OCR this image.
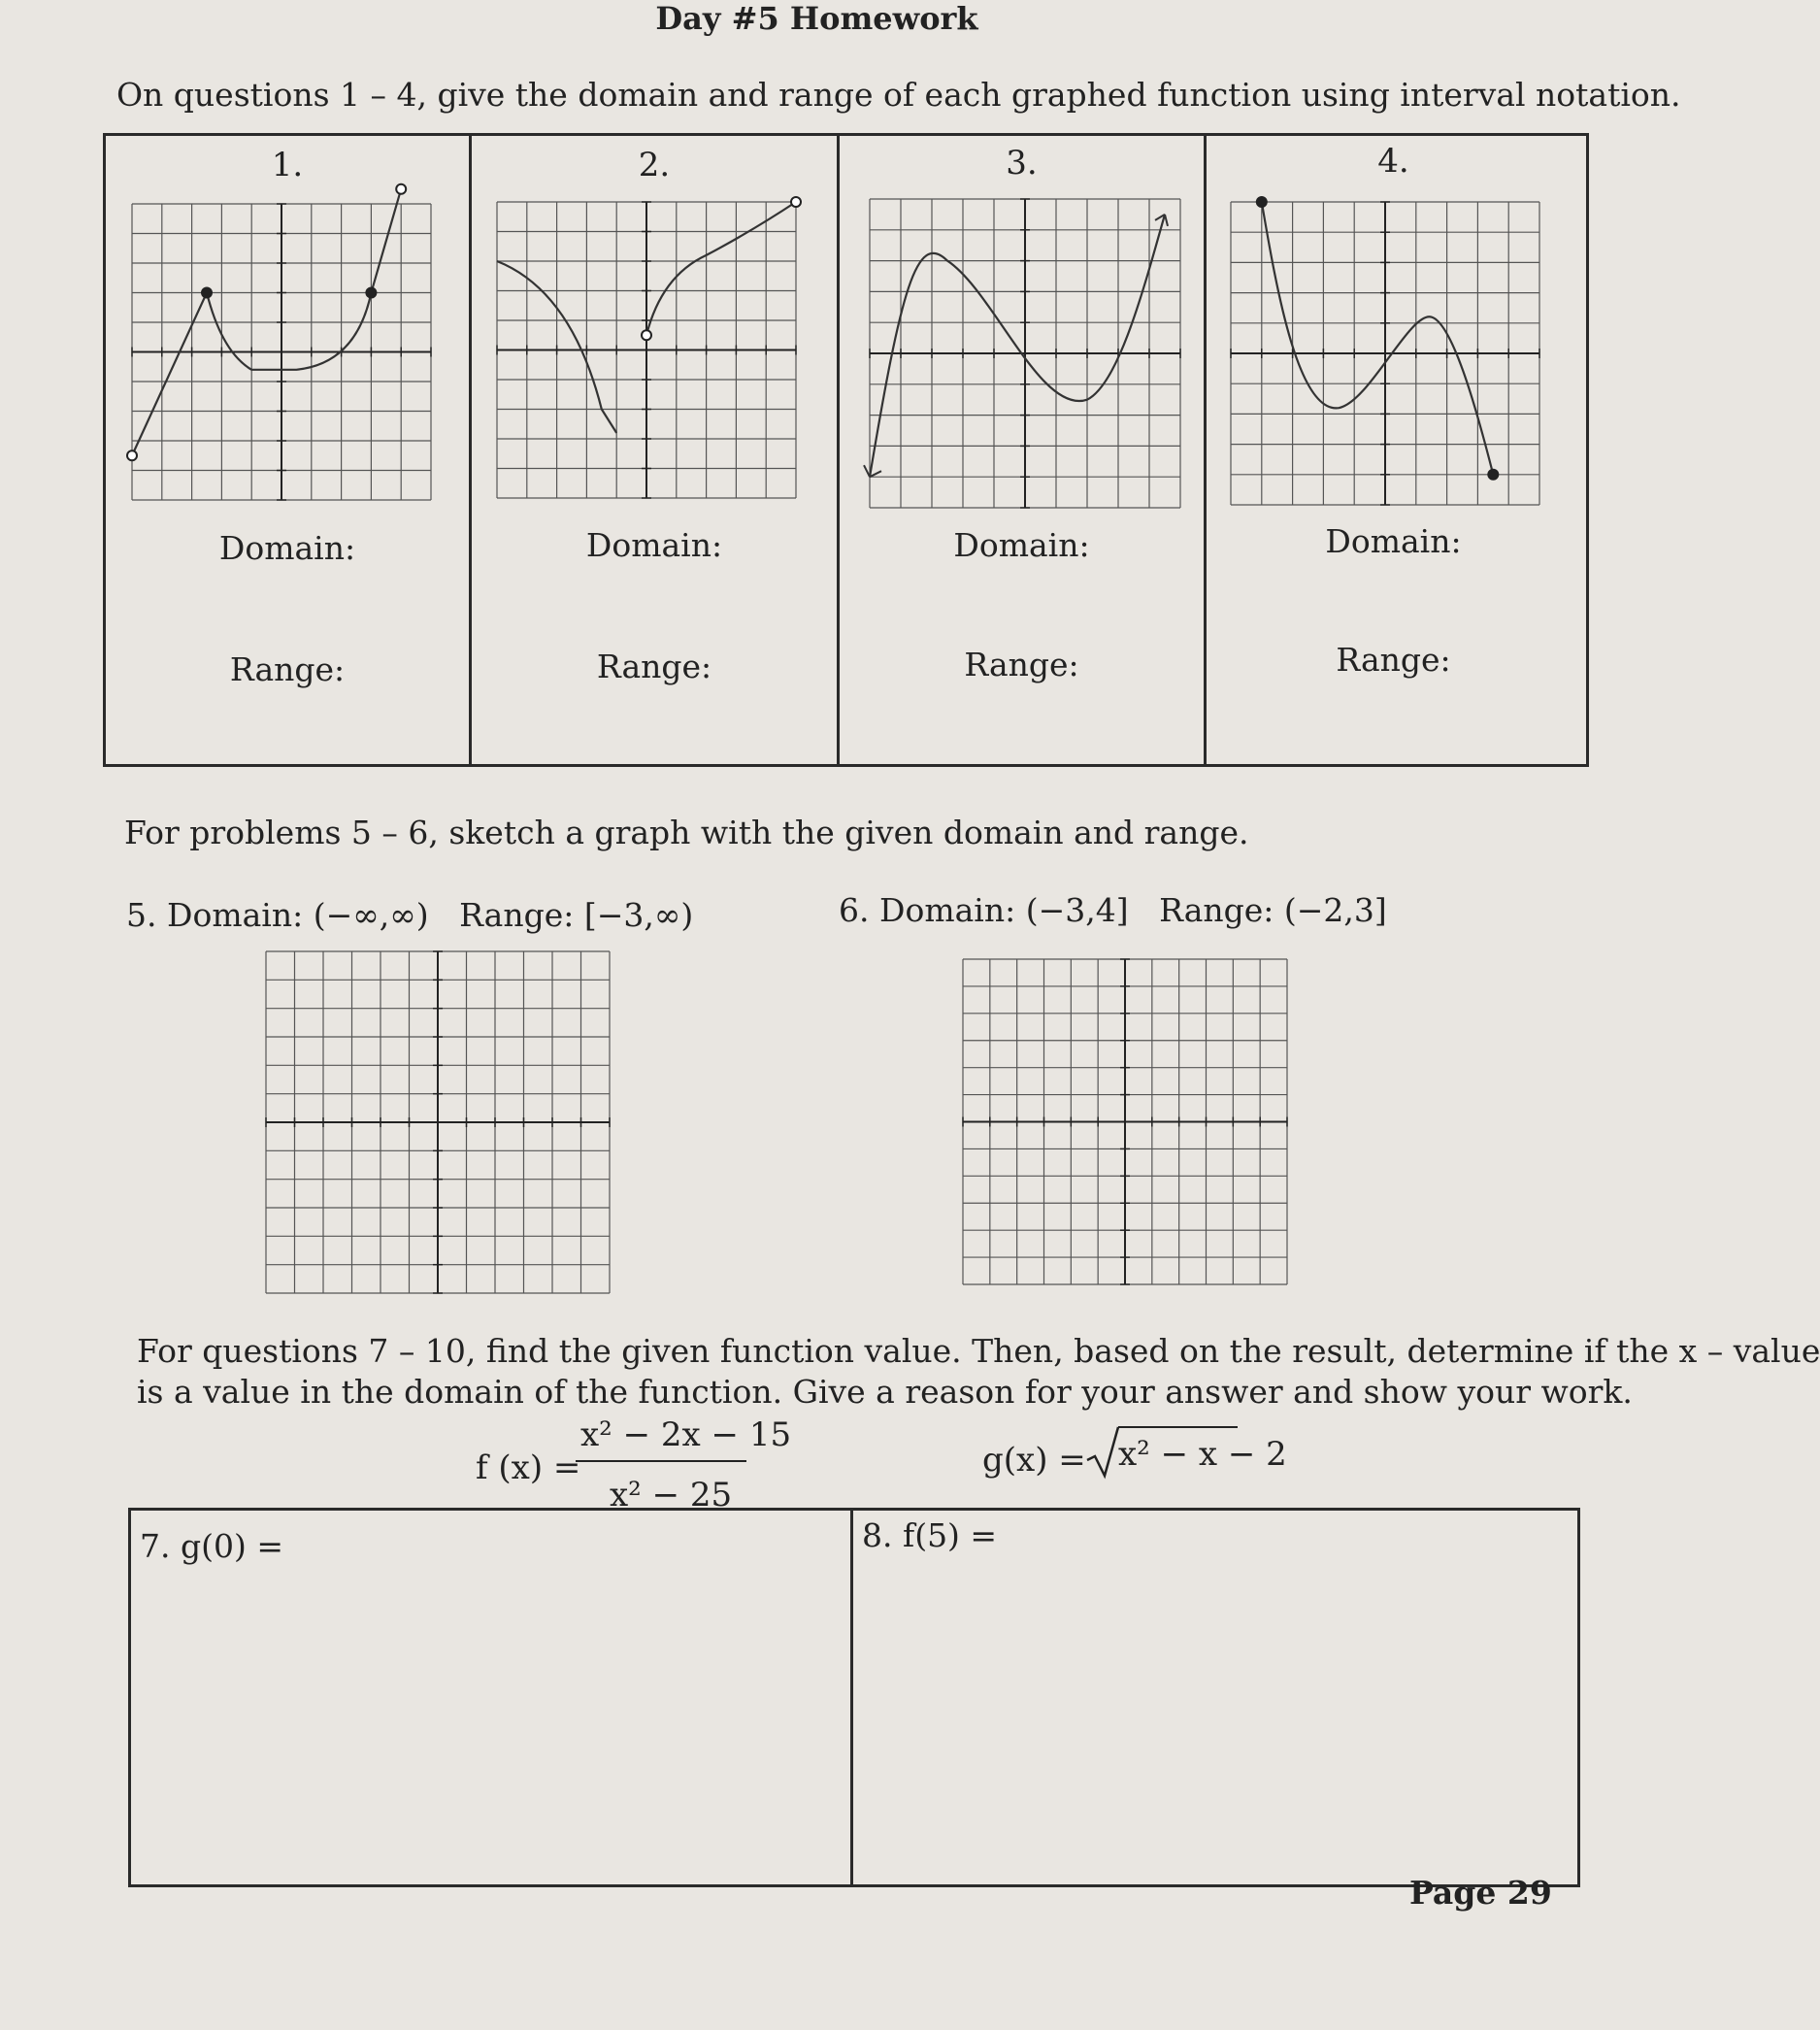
Day #5 Homework
On questions 1 – 4, give the domain and range of each graphed function using interval notation.
1.
Domain:
Range:
2.
Domain:
Range:
3.
Domain:
Range:
4.
Domain:
Range:
For problems 5 – 6, sketch a graph with the given domain and range.
5. Domain: (−∞,∞) Range: [−3,∞)	6. Domain: (−3,4] Range: (−2,3]
For questions 7 – 10, find the given function value. Then, based on the result, determine if the x – value
is a value in the domain of the function. Give a reason for your answer and show your work.
f (x) =
x² − 2x − 15
x² − 25
g(x) = x² − x − 2
7. g(0) =	8. f(5) =
Page 29
